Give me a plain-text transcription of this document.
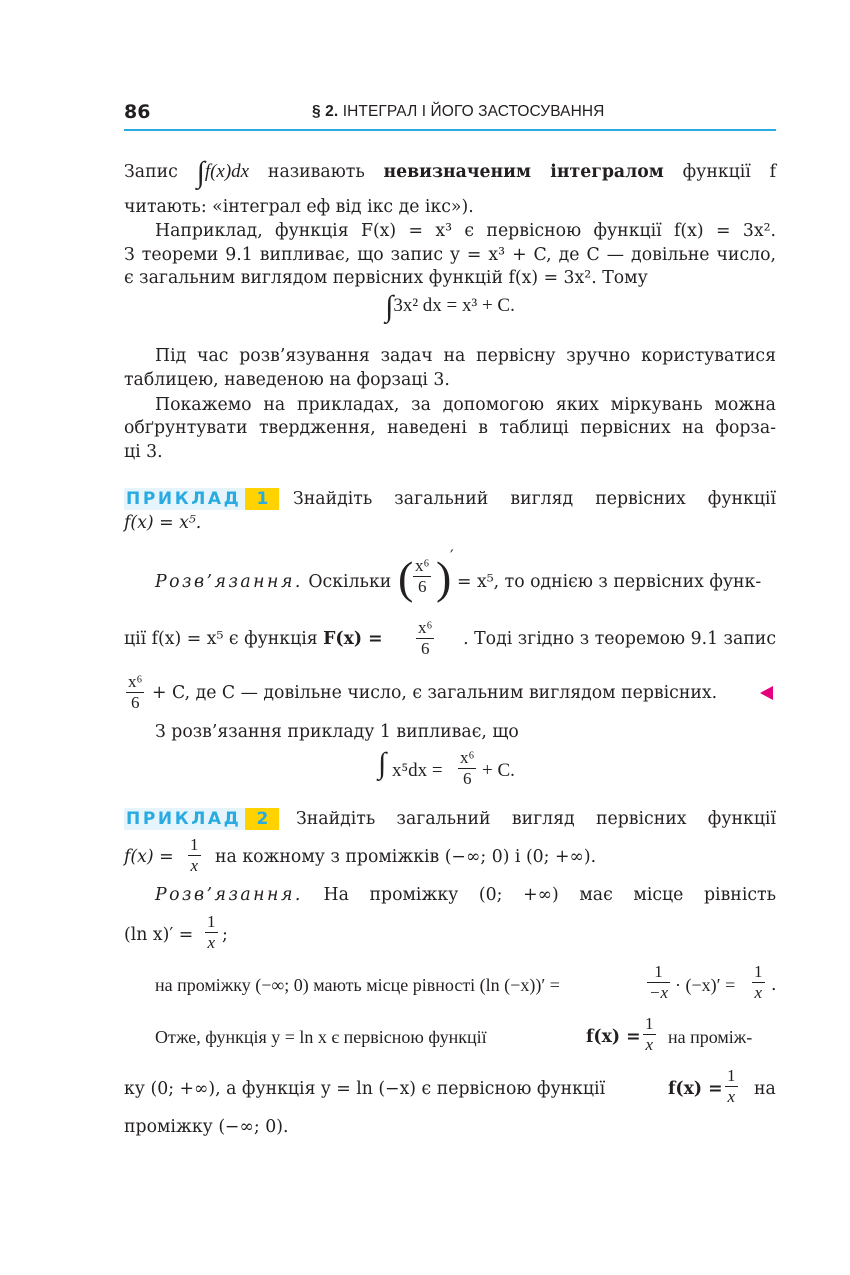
86	§ 2. ІНТЕГРАЛ І ЙОГО ЗАСТОСУВАННЯ
Запис ∫f(x)dx називають невизначеним інтегралом функції f
читають: «інтеграл еф від ікс де ікс»).
Наприклад, функція F(x) = x³ є первісною функції f(x) = 3x².
З теореми 9.1 випливає, що запис y = x³ + C, де C — довільне число,
є загальним виглядом первісних функцій f(x) = 3x². Тому
∫3x² dx = x³ + C.
Під час розв’язування задач на первісну зручно користуватися
таблицею, наведеною на форзаці 3.
Покажемо на прикладах, за допомогою яких міркувань можна
обґрунтувати твердження, наведені в таблиці первісних на форза-
ці 3.
ПРИКЛАД 1	Знайдіть загальний вигляд первісних функції
f(x) = x⁵.
Розв’язання. Оскільки ( $\frac{\text{x⁶}}{6}$ )
′
= x⁵, то однією з первісних функ-
ції f(x) = x⁵ є функція $F(x) = \frac{\text{x⁶}}{6}$	. Тоді згідно з теоремою 9.1 запис
$\frac{\text{x⁶}}{6} + C$, де C — довільне число, є загальним виглядом первісних.
З розв’язання прикладу 1 випливає, що
∫ $x^5dx = \frac{\text{x⁶}}{6} + C$.
ПРИКЛАД 2	Знайдіть загальний вигляд первісних функції
$f(x) = \frac{1}{x}$ на кожному з проміжків (−∞; 0) і (0; +∞).
Розв’язання. На проміжку (0; +∞) має місце рівність
(ln $x)' = \frac{1}{x}$ ;
на проміжку (−∞; 0) мають місце рівності (ln (−x))′ =	$\frac{1}{-x} \cdot (-x)' = \frac{1}{x}$ .
Отже, функція y = ln x є первісною функції	$f(x) = \frac{1}{x}$ на проміж-
ку (0; +∞), а функція y = ln (−x) є первісною функції	$f(x) = \frac{1}{x}$ на
проміжку (−∞; 0).
